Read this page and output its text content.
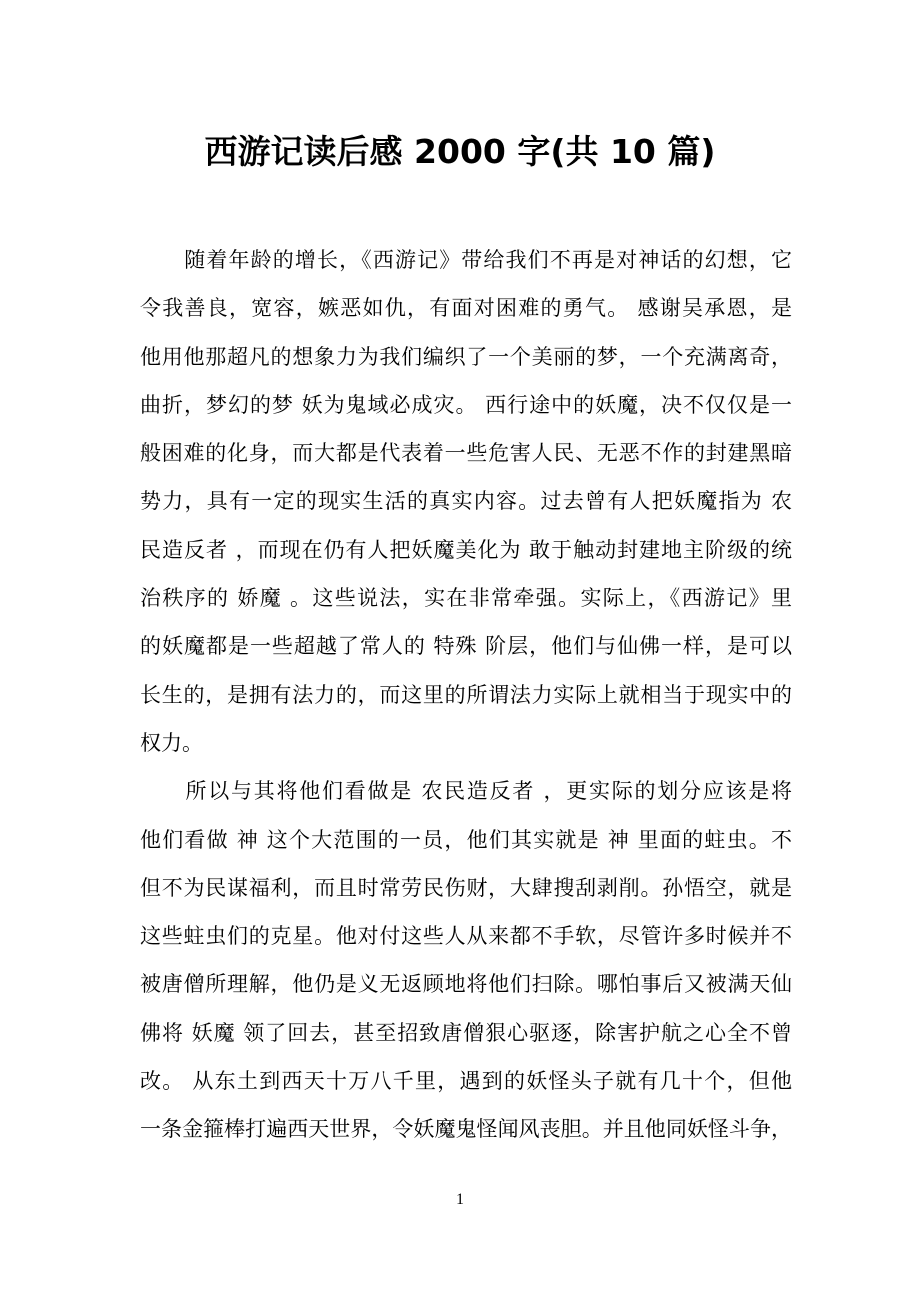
西游记读后感 2000 字(共 10 篇)
　　随着年龄的增长，《西游记》带给我们不再是对神话的幻想，它
令我善良，宽容，嫉恶如仇，有面对困难的勇气。 感谢吴承恩，是
他用他那超凡的想象力为我们编织了一个美丽的梦，一个充满离奇，
曲折，梦幻的梦 妖为鬼域必成灾。 西行途中的妖魔，决不仅仅是一
般困难的化身，而大都是代表着一些危害人民、无恶不作的封建黑暗
势力，具有一定的现实生活的真实内容。过去曾有人把妖魔指为 农
民造反者 ，而现在仍有人把妖魔美化为 敢于触动封建地主阶级的统
治秩序的 娇魔 。这些说法，实在非常牵强。实际上，《西游记》里
的妖魔都是一些超越了常人的 特殊 阶层，他们与仙佛一样，是可以
长生的，是拥有法力的，而这里的所谓法力实际上就相当于现实中的
权力。
　　所以与其将他们看做是 农民造反者 ，更实际的划分应该是将
他们看做 神 这个大范围的一员，他们其实就是 神 里面的蛀虫。不
但不为民谋福利，而且时常劳民伤财，大肆搜刮剥削。孙悟空，就是
这些蛀虫们的克星。他对付这些人从来都不手软，尽管许多时候并不
被唐僧所理解，他仍是义无返顾地将他们扫除。哪怕事后又被满天仙
佛将 妖魔 领了回去，甚至招致唐僧狠心驱逐，除害护航之心全不曾
改。 从东土到西天十万八千里，遇到的妖怪头子就有几十个，但他
一条金箍棒打遍西天世界，令妖魔鬼怪闻风丧胆。并且他同妖怪斗争，
1
